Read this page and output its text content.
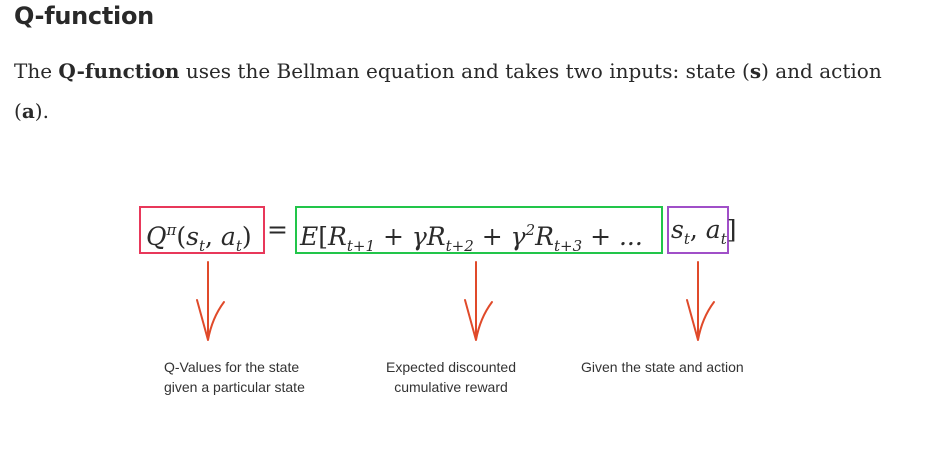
Q-function

The Q-function uses the Bellman equation and takes two inputs: state (s) and action (a).

$Q^\pi(s_t$, $a_t) = E[R_{t+1} + \gamma R_{t+2} + \gamma^2R_{t+3}$ + ... $s_t$, $a_t$]
Q-Values for the state
given a particular state
Expected discounted
cumulative reward
Given the state and action
